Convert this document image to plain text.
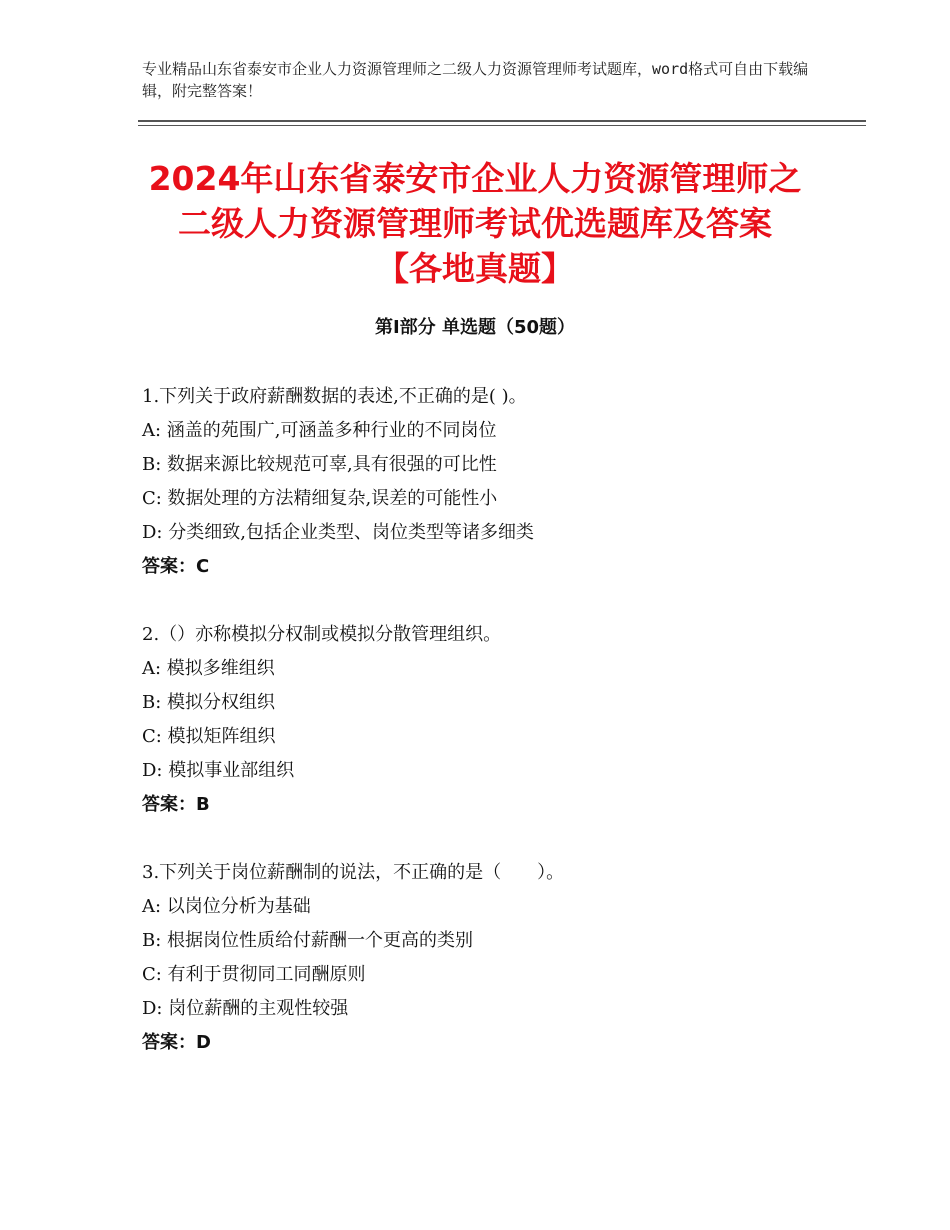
专业精品山东省泰安市企业人力资源管理师之二级人力资源管理师考试题库，word格式可自由下载编辑，附完整答案！
2024年山东省泰安市企业人力资源管理师之
二级人力资源管理师考试优选题库及答案
【各地真题】
第Ⅰ部分 单选题（50题）
1.下列关于政府薪酬数据的表述,不正确的是( )。
A: 涵盖的苑围广,可涵盖多种行业的不同岗位
B: 数据来源比较规范可辜,具有很强的可比性
C: 数据处理的方法精细复杂,误差的可能性小
D: 分类细致,包括企业类型、岗位类型等诸多细类
答案：C
2.（）亦称模拟分权制或模拟分散管理组织。
A: 模拟多维组织
B: 模拟分权组织
C: 模拟矩阵组织
D: 模拟事业部组织
答案：B
3.下列关于岗位薪酬制的说法，不正确的是（　　）。
A: 以岗位分析为基础
B: 根据岗位性质给付薪酬一个更高的类别
C: 有利于贯彻同工同酬原则
D: 岗位薪酬的主观性较强
答案：D
